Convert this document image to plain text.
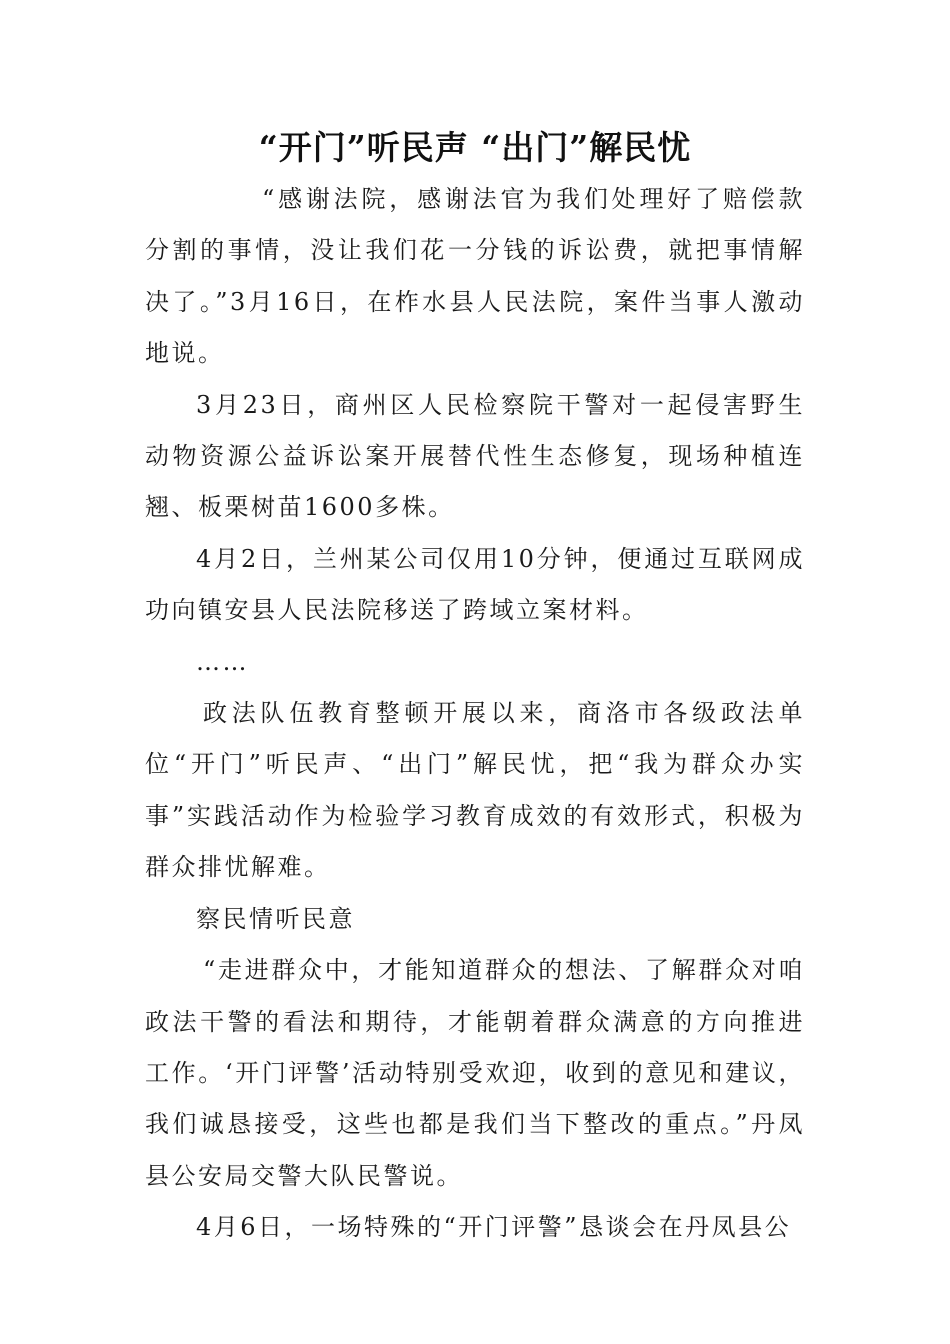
“开门”听民声 “出门”解民忧

“感谢法院，感谢法官为我们处理好了赔偿款分割的事情，没让我们花一分钱的诉讼费，就把事情解决了。”3月16日，在柞水县人民法院，案件当事人激动地说。

3月23日，商州区人民检察院干警对一起侵害野生动物资源公益诉讼案开展替代性生态修复，现场种植连翘、板栗树苗1600多株。

4月2日，兰州某公司仅用10分钟，便通过互联网成功向镇安县人民法院移送了跨域立案材料。

……

政法队伍教育整顿开展以来，商洛市各级政法单位“开门”听民声、“出门”解民忧，把“我为群众办实事”实践活动作为检验学习教育成效的有效形式，积极为群众排忧解难。

察民情听民意

“走进群众中，才能知道群众的想法、了解群众对咱政法干警的看法和期待，才能朝着群众满意的方向推进工作。‘开门评警’活动特别受欢迎，收到的意见和建议，我们诚恳接受，这些也都是我们当下整改的重点。”丹凤县公安局交警大队民警说。

4月6日，一场特殊的“开门评警”恳谈会在丹凤县公
